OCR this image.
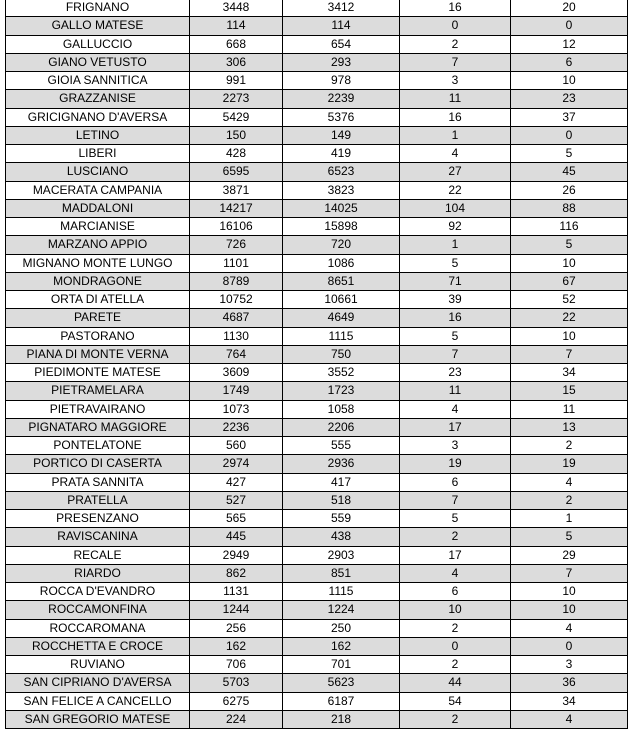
FRIGNANO	3448	3412	16	20
GALLO MATESE	114	114	0	0
GALLUCCIO	668	654	2	12
GIANO VETUSTO	306	293	7	6
GIOIA SANNITICA	991	978	3	10
GRAZZANISE	2273	2239	11	23
GRICIGNANO D'AVERSA	5429	5376	16	37
LETINO	150	149	1	0
LIBERI	428	419	4	5
LUSCIANO	6595	6523	27	45
MACERATA CAMPANIA	3871	3823	22	26
MADDALONI	14217	14025	104	88
MARCIANISE	16106	15898	92	116
MARZANO APPIO	726	720	1	5
MIGNANO MONTE LUNGO	1101	1086	5	10
MONDRAGONE	8789	8651	71	67
ORTA DI ATELLA	10752	10661	39	52
PARETE	4687	4649	16	22
PASTORANO	1130	1115	5	10
PIANA DI MONTE VERNA	764	750	7	7
PIEDIMONTE MATESE	3609	3552	23	34
PIETRAMELARA	1749	1723	11	15
PIETRAVAIRANO	1073	1058	4	11
PIGNATARO MAGGIORE	2236	2206	17	13
PONTELATONE	560	555	3	2
PORTICO DI CASERTA	2974	2936	19	19
PRATA SANNITA	427	417	6	4
PRATELLA	527	518	7	2
PRESENZANO	565	559	5	1
RAVISCANINA	445	438	2	5
RECALE	2949	2903	17	29
RIARDO	862	851	4	7
ROCCA D'EVANDRO	1131	1115	6	10
ROCCAMONFINA	1244	1224	10	10
ROCCAROMANA	256	250	2	4
ROCCHETTA E CROCE	162	162	0	0
RUVIANO	706	701	2	3
SAN CIPRIANO D'AVERSA	5703	5623	44	36
SAN FELICE A CANCELLO	6275	6187	54	34
SAN GREGORIO MATESE	224	218	2	4
